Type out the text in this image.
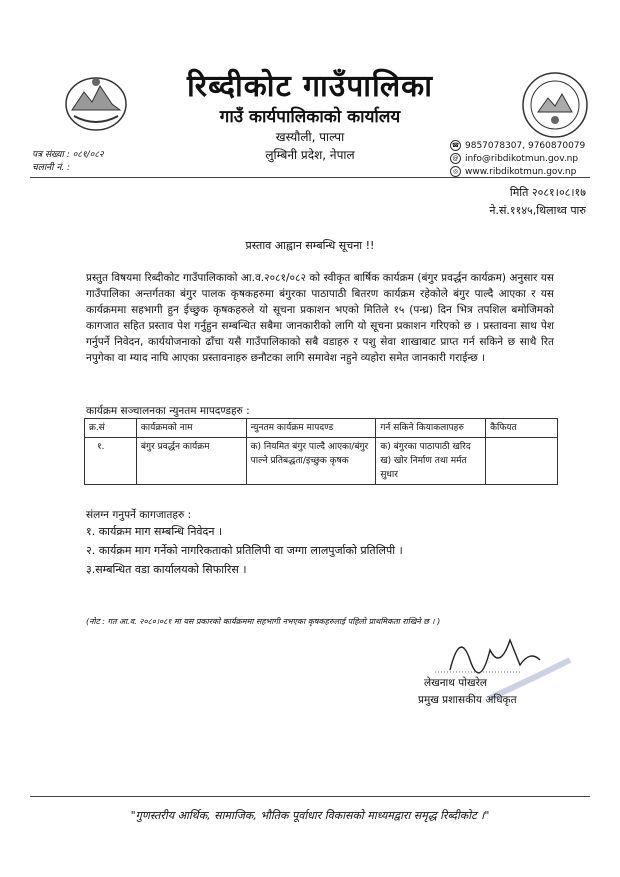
रिब्दीकोट गाउँपालिका
गाउँ कार्यपालिकाको कार्यालय
खस्यौली, पाल्पा
लुम्बिनी प्रदेश, नेपाल
पत्र संख्या : ०८१/०८२
चलानी नं. :
☎ 9857078307, 9760870079
@ info@ribdikotmun.gov.np
◎ www.ribdikotmun.gov.np
मिति २०८१।०८।१७
ने.सं.११४५,थिलाथ्व पारु
प्रस्ताव आह्वान सम्बन्धि सूचना !!
प्रस्तुत विषयमा रिब्दीकोट गाउँपालिकाको आ.व.२०८१/०८२ को स्वीकृत बार्षिक कार्यक्रम (बंगुर प्रवर्द्धन कार्यक्रम) अनुसार यस गाउँपालिका अन्तर्गतका बंगुर पालक कृषकहरुमा बंगुरका पाठापाठी बितरण कार्यक्रम रहेकोले बंगुर पाल्दै आएका र यस कार्यक्रममा सहभागी हुन ईच्छुक कृषकहरुले यो सूचना प्रकाशन भएको मितिले १५ (पन्ध्र) दिन भित्र तपशिल बमोजिमको कागजात सहित प्रस्ताव पेश गर्नुहुन सम्बन्धित सबैमा जानकारीको लागि यो सूचना प्रकाशन गरिएको छ । प्रस्तावना साथ पेश गर्नुपर्ने निवेदन, कार्ययोजनाको ढाँचा यसै गाउँपालिकाको सबै वडाहरु र पशु सेवा शाखाबाट प्राप्त गर्न सकिने छ साथै रित नपुगेका वा म्याद नाघि आएका प्रस्तावनाहरु छनौटका लागि समावेश नहुने व्यहोरा समेत जानकारी गराईन्छ ।
कार्यक्रम सञ्चालनका न्युनतम मापदण्डहरु :
क्र.सं	कार्यक्रमको नाम	न्युनतम कार्यक्रम मापदण्ड	गर्न सकिने कियाकलापहरु	कैफियत
१.	बंगुर प्रवर्द्धन कार्यक्रम	क) नियमित बंगुर पाल्दै आएका/बंगुर पाल्ने प्रतिबद्धता/इच्छुक कृषक	क) बंगुरका पाठापाठी खरिद ख) खोर निर्माण तथा मर्मत सुधार	
संलग्न गनुपर्ने कागजातहरु :
१. कार्यक्रम माग सम्बन्धि निवेदन ।
२. कार्यक्रम माग गर्नेको नागरिकताको प्रतिलिपी वा जग्गा लालपुर्जाको प्रतिलिपी ।
३.सम्बन्धित वडा कार्यालयको सिफारिस ।
(नोट : गत आ.व. २०८०।०८१ मा यस प्रकारको कार्यक्रममा सहभागी नभएका कृषकहरुलाई पहिलो प्राथमिकता राखिने छ । )
लेखनाथ पोखरेल
प्रमुख प्रशासकीय अधिकृत
"गुणस्तरीय आर्थिक, सामाजिक, भौतिक पूर्वाधार विकासको माध्यमद्वारा समृद्ध रिब्दीकोट ।"
